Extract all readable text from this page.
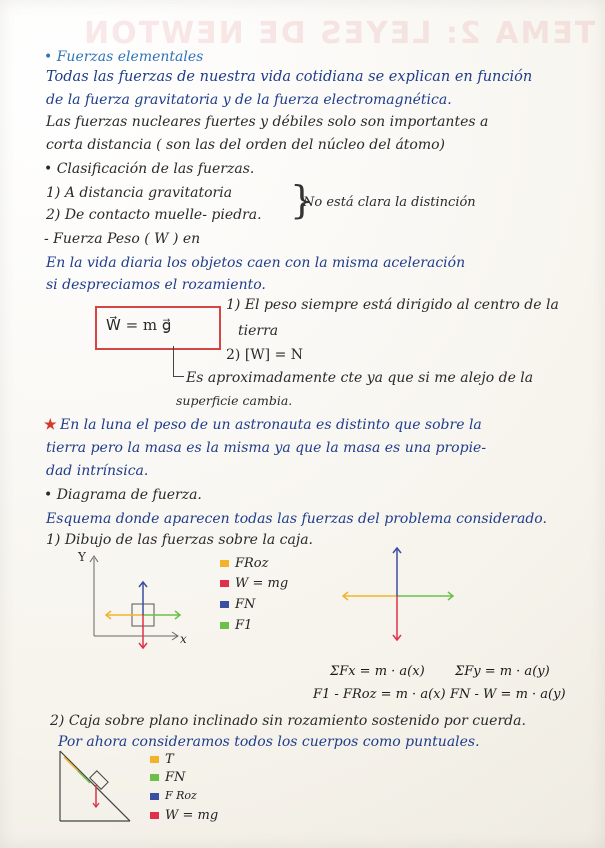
TEMA 2: LEYES DE NEWTON
• Fuerzas elementales
Todas las fuerzas de nuestra vida cotidiana se explican en función
de la fuerza gravitatoria y de la fuerza electromagnética.
Las fuerzas nucleares fuertes y débiles solo son importantes a
corta distancia ( son las del orden del núcleo del átomo)
• Clasificación de las fuerzas.
1) A distancia gravitatoria
2) De contacto muelle- piedra. }
No está clara la distinción
- Fuerza Peso ( W ) en
En la vida diaria los objetos caen con la misma aceleración
si despreciamos el rozamiento.
W⃗ = m g⃗
1) El peso siempre está dirigido al centro de la
tierra
2) [W] = N
Es aproximadamente cte ya que si me alejo de la
superficie cambia.
★ En la luna el peso de un astronauta es distinto que sobre la
tierra pero la masa es la misma ya que la masa es una propie-
dad intrínsica.
• Diagrama de fuerza.
Esquema donde aparecen todas las fuerzas del problema considerado.
1) Dibujo de las fuerzas sobre la caja.
Y
x
FRoz
W = mg
FN
F1
ΣFx = m · a(x) ΣFy = m · a(y)
F1 - FRoz = m · a(x) FN - W = m · a(y)
2) Caja sobre plano inclinado sin rozamiento sostenido por cuerda.
Por ahora consideramos todos los cuerpos como puntuales.
T
FN
F Roz
W = mg
